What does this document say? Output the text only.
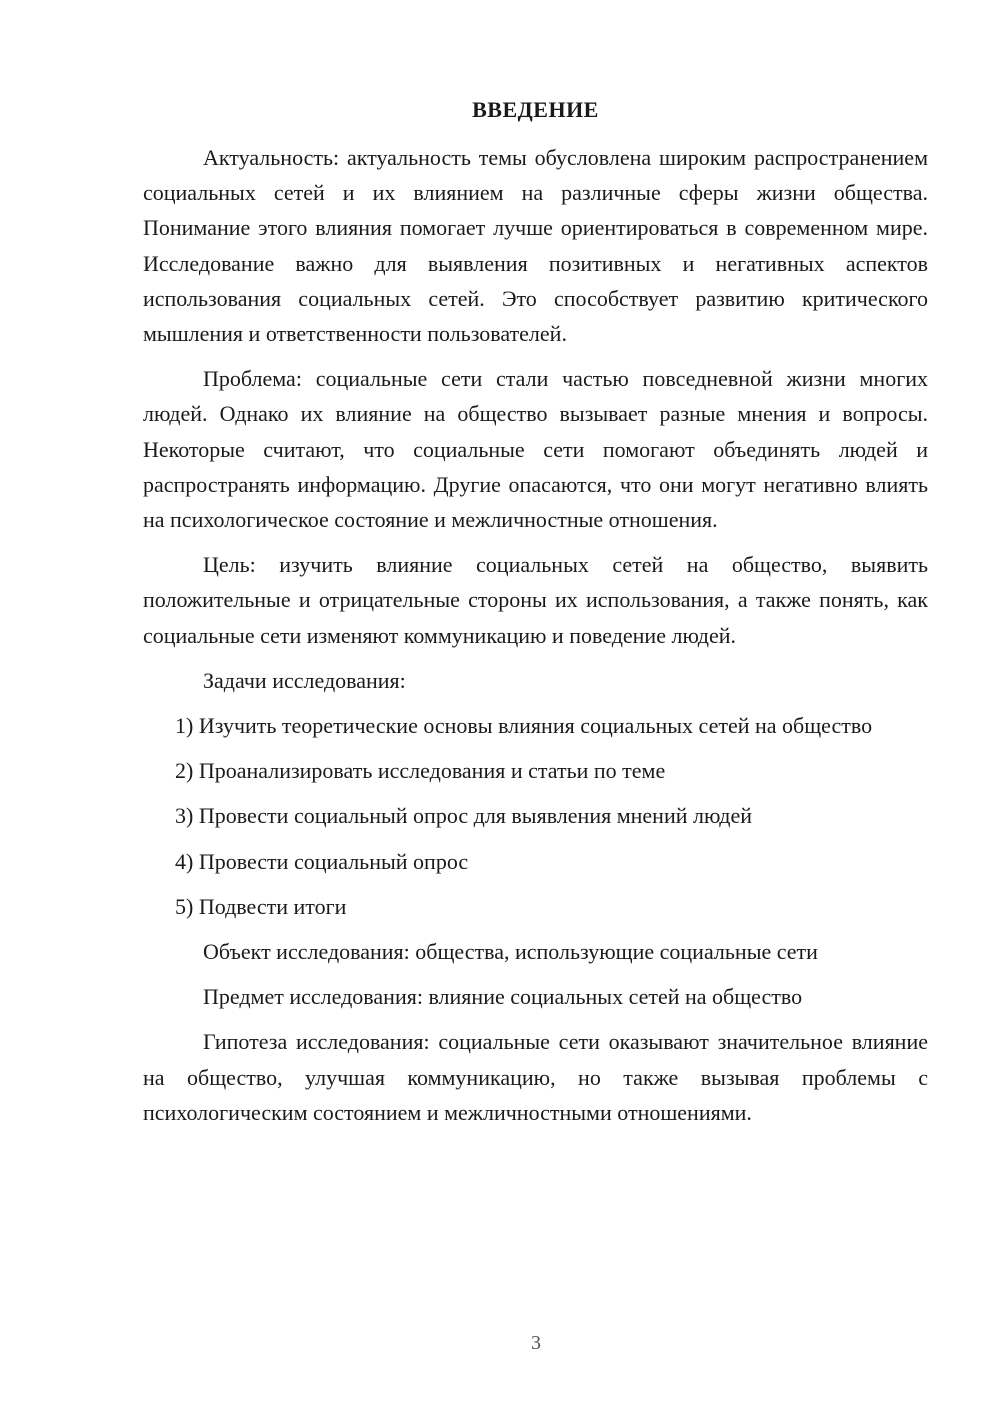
ВВЕДЕНИЕ

Актуальность: актуальность темы обусловлена широким распространением социальных сетей и их влиянием на различные сферы жизни общества. Понимание этого влияния помогает лучше ориентироваться в современном мире. Исследование важно для выявления позитивных и негативных аспектов использования социальных сетей. Это способствует развитию критического мышления и ответственности пользователей.

Проблема: социальные сети стали частью повседневной жизни многих людей. Однако их влияние на общество вызывает разные мнения и вопросы. Некоторые считают, что социальные сети помогают объединять людей и распространять информацию. Другие опасаются, что они могут негативно влиять на психологическое состояние и межличностные отношения.

Цель: изучить влияние социальных сетей на общество, выявить положительные и отрицательные стороны их использования, а также понять, как социальные сети изменяют коммуникацию и поведение людей.

Задачи исследования:

1) Изучить теоретические основы влияния социальных сетей на общество

2) Проанализировать исследования и статьи по теме

3) Провести социальный опрос для выявления мнений людей

4) Провести социальный опрос

5) Подвести итоги

Объект исследования: общества, использующие социальные сети

Предмет исследования: влияние социальных сетей на общество

Гипотеза исследования: социальные сети оказывают значительное влияние на общество, улучшая коммуникацию, но также вызывая проблемы с психологическим состоянием и межличностными отношениями.

3
